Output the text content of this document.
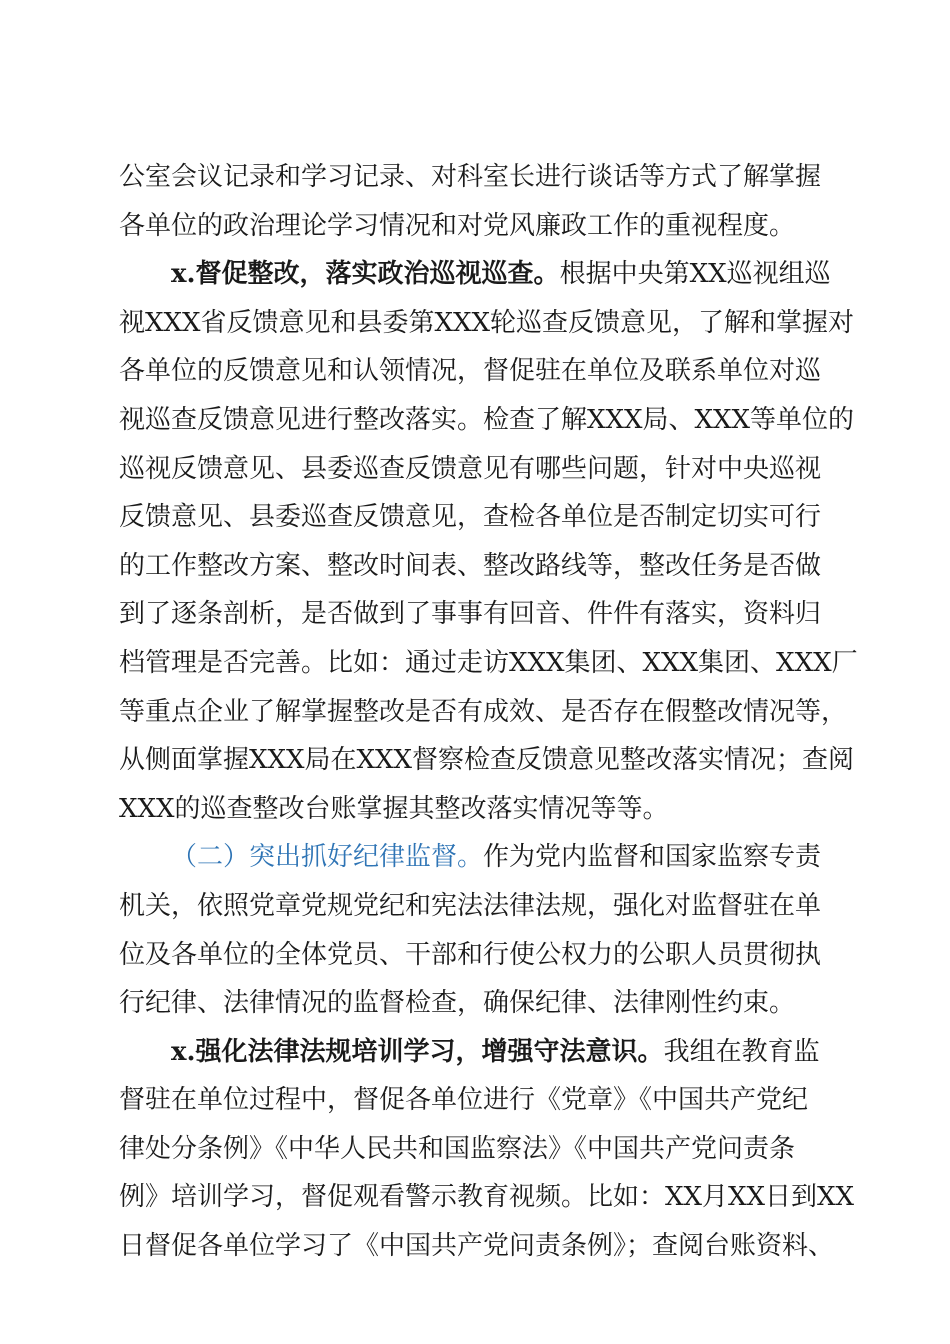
公室会议记录和学习记录、对科室长进行谈话等方式了解掌握
各单位的政治理论学习情况和对党风廉政工作的重视程度。
x.督促整改，落实政治巡视巡查。根据中央第XX巡视组巡
视XXX省反馈意见和县委第XXX轮巡查反馈意见，了解和掌握对
各单位的反馈意见和认领情况，督促驻在单位及联系单位对巡
视巡查反馈意见进行整改落实。检查了解XXX局、XXX等单位的
巡视反馈意见、县委巡查反馈意见有哪些问题，针对中央巡视
反馈意见、县委巡查反馈意见，查检各单位是否制定切实可行
的工作整改方案、整改时间表、整改路线等，整改任务是否做
到了逐条剖析，是否做到了事事有回音、件件有落实，资料归
档管理是否完善。比如：通过走访XXX集团、XXX集团、XXX厂
等重点企业了解掌握整改是否有成效、是否存在假整改情况等，
从侧面掌握XXX局在XXX督察检查反馈意见整改落实情况；查阅
XXX的巡查整改台账掌握其整改落实情况等等。
（二）突出抓好纪律监督。作为党内监督和国家监察专责
机关，依照党章党规党纪和宪法法律法规，强化对监督驻在单
位及各单位的全体党员、干部和行使公权力的公职人员贯彻执
行纪律、法律情况的监督检查，确保纪律、法律刚性约束。
x.强化法律法规培训学习，增强守法意识。我组在教育监
督驻在单位过程中，督促各单位进行《党章》《中国共产党纪
律处分条例》《中华人民共和国监察法》《中国共产党问责条
例》培训学习，督促观看警示教育视频。比如：XX月XX日到XX
日督促各单位学习了《中国共产党问责条例》；查阅台账资料、
